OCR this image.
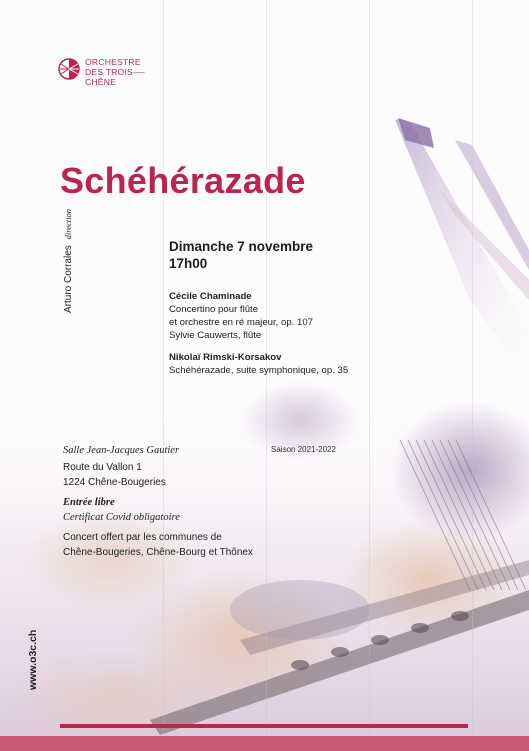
ORCHESTRE
DES TROIS-—
CHÊNE
Schéhérazade
Arturo Corrales direction
Dimanche 7 novembre
17h00
Cécile Chaminade
Concertino pour flûte
et orchestre en ré majeur, op. 107
Sylvie Cauwerts, flûte
Nikolaï Rimski-Korsakov
Schéhérazade, suite symphonique, op. 35
Salle Jean-Jacques Gautier
Route du Vallon 1
1224 Chêne-Bougeries
Entrée libre
Certificat Covid obligatoire
Concert offert par les communes de
Chêne-Bougeries, Chêne-Bourg et Thônex
Saison 2021-2022
www.o3c.ch
